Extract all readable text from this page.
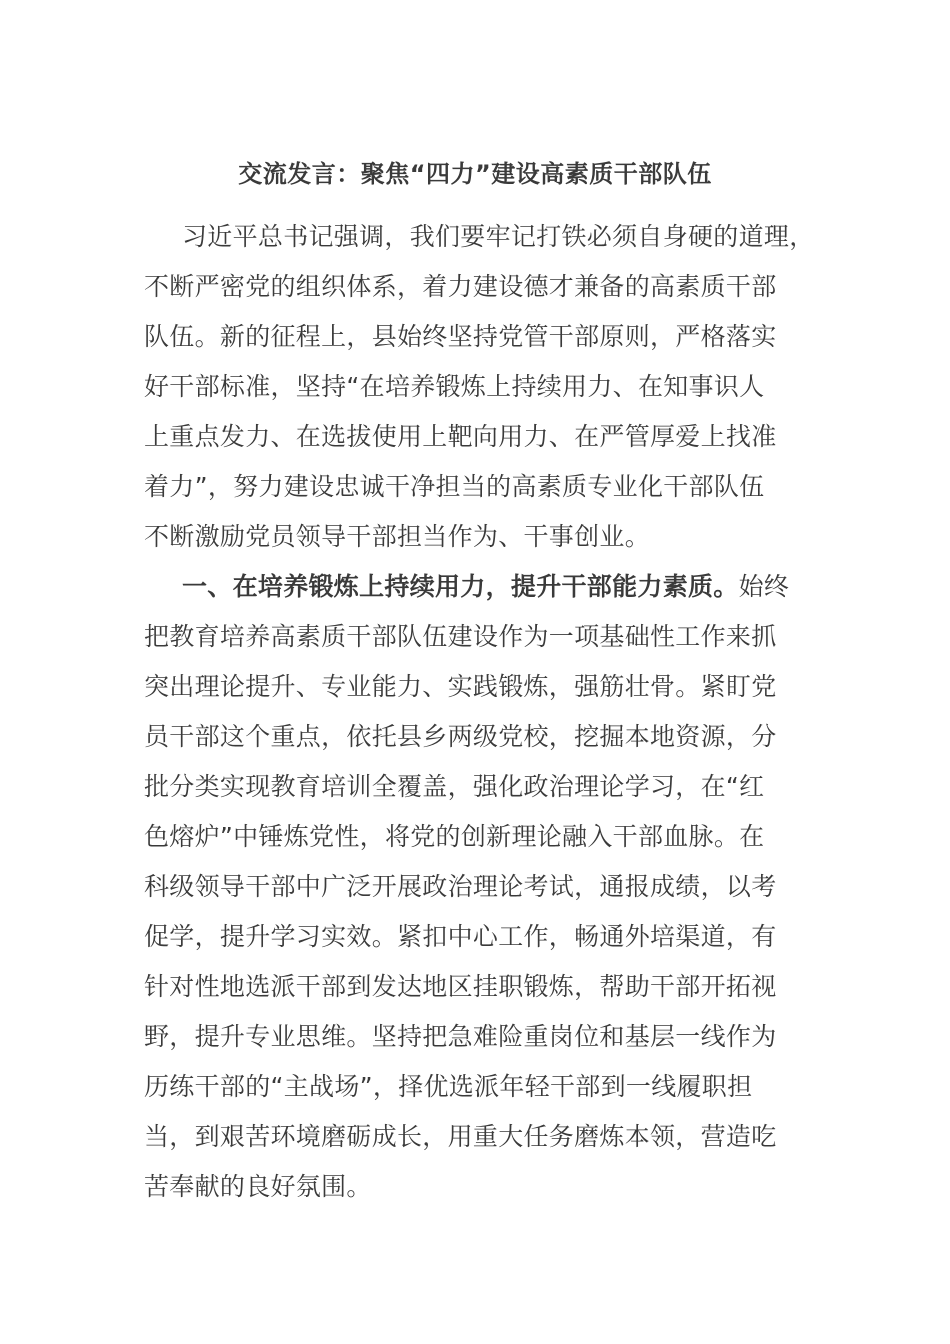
交流发言：聚焦“四力”建设高素质干部队伍
习近平总书记强调，我们要牢记打铁必须自身硬的道理，
不断严密党的组织体系，着力建设德才兼备的高素质干部
队伍。新的征程上，县始终坚持党管干部原则，严格落实
好干部标准，坚持“在培养锻炼上持续用力、在知事识人
上重点发力、在选拔使用上靶向用力、在严管厚爱上找准
着力”，努力建设忠诚干净担当的高素质专业化干部队伍
不断激励党员领导干部担当作为、干事创业。
一、在培养锻炼上持续用力，提升干部能力素质。始终
把教育培养高素质干部队伍建设作为一项基础性工作来抓
突出理论提升、专业能力、实践锻炼，强筋壮骨。紧盯党
员干部这个重点，依托县乡两级党校，挖掘本地资源，分
批分类实现教育培训全覆盖，强化政治理论学习，在“红
色熔炉”中锤炼党性，将党的创新理论融入干部血脉。在
科级领导干部中广泛开展政治理论考试，通报成绩，以考
促学，提升学习实效。紧扣中心工作，畅通外培渠道，有
针对性地选派干部到发达地区挂职锻炼，帮助干部开拓视
野，提升专业思维。坚持把急难险重岗位和基层一线作为
历练干部的“主战场”，择优选派年轻干部到一线履职担
当，到艰苦环境磨砺成长，用重大任务磨炼本领，营造吃
苦奉献的良好氛围。
